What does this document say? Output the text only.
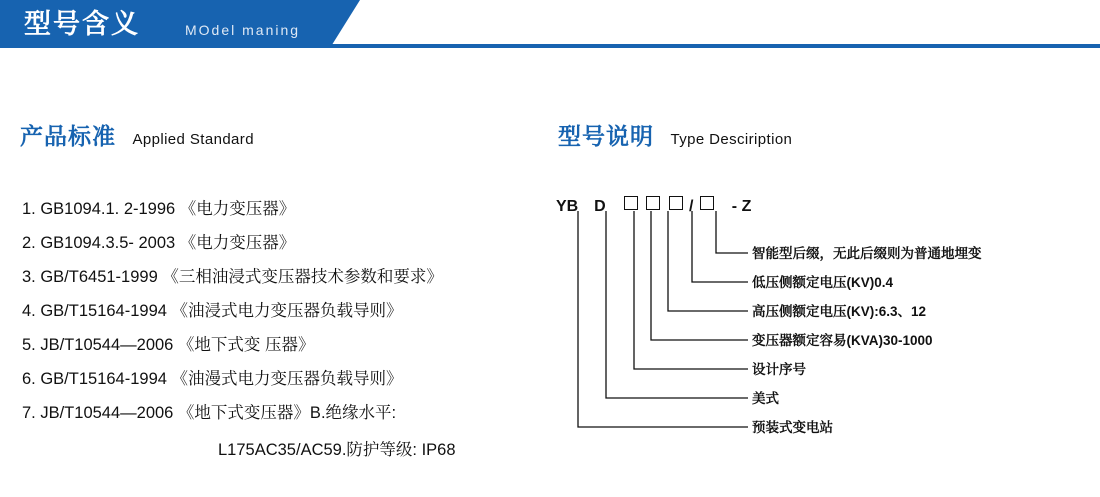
型号含义	MOdel maning
产品标准 Applied Standard
1. GB1094.1. 2-1996 《电力变压器》
2. GB1094.3.5- 2003 《电力变压器》
3. GB/T6451-1999 《三相油浸式变压器技术参数和要求》
4. GB/T15164-1994 《油浸式电力变压器负载导则》
5. JB/T10544—2006 《地下式变 压器》
6. GB/T15164-1994 《油漫式电力变压器负载导则》
7. JB/T10544—2006 《地下式变压器》B.绝缘水平:
L175AC35/AC59.防护等级: IP68
型号说明 Type Desciription
YB D	/ - Z
智能型后缀，无此后缀则为普通地埋变
低压侧额定电压(KV)0.4
高压侧额定电压(KV):6.3、12
变压器额定容易(KVA)30-1000
设计序号
美式
预装式变电站
